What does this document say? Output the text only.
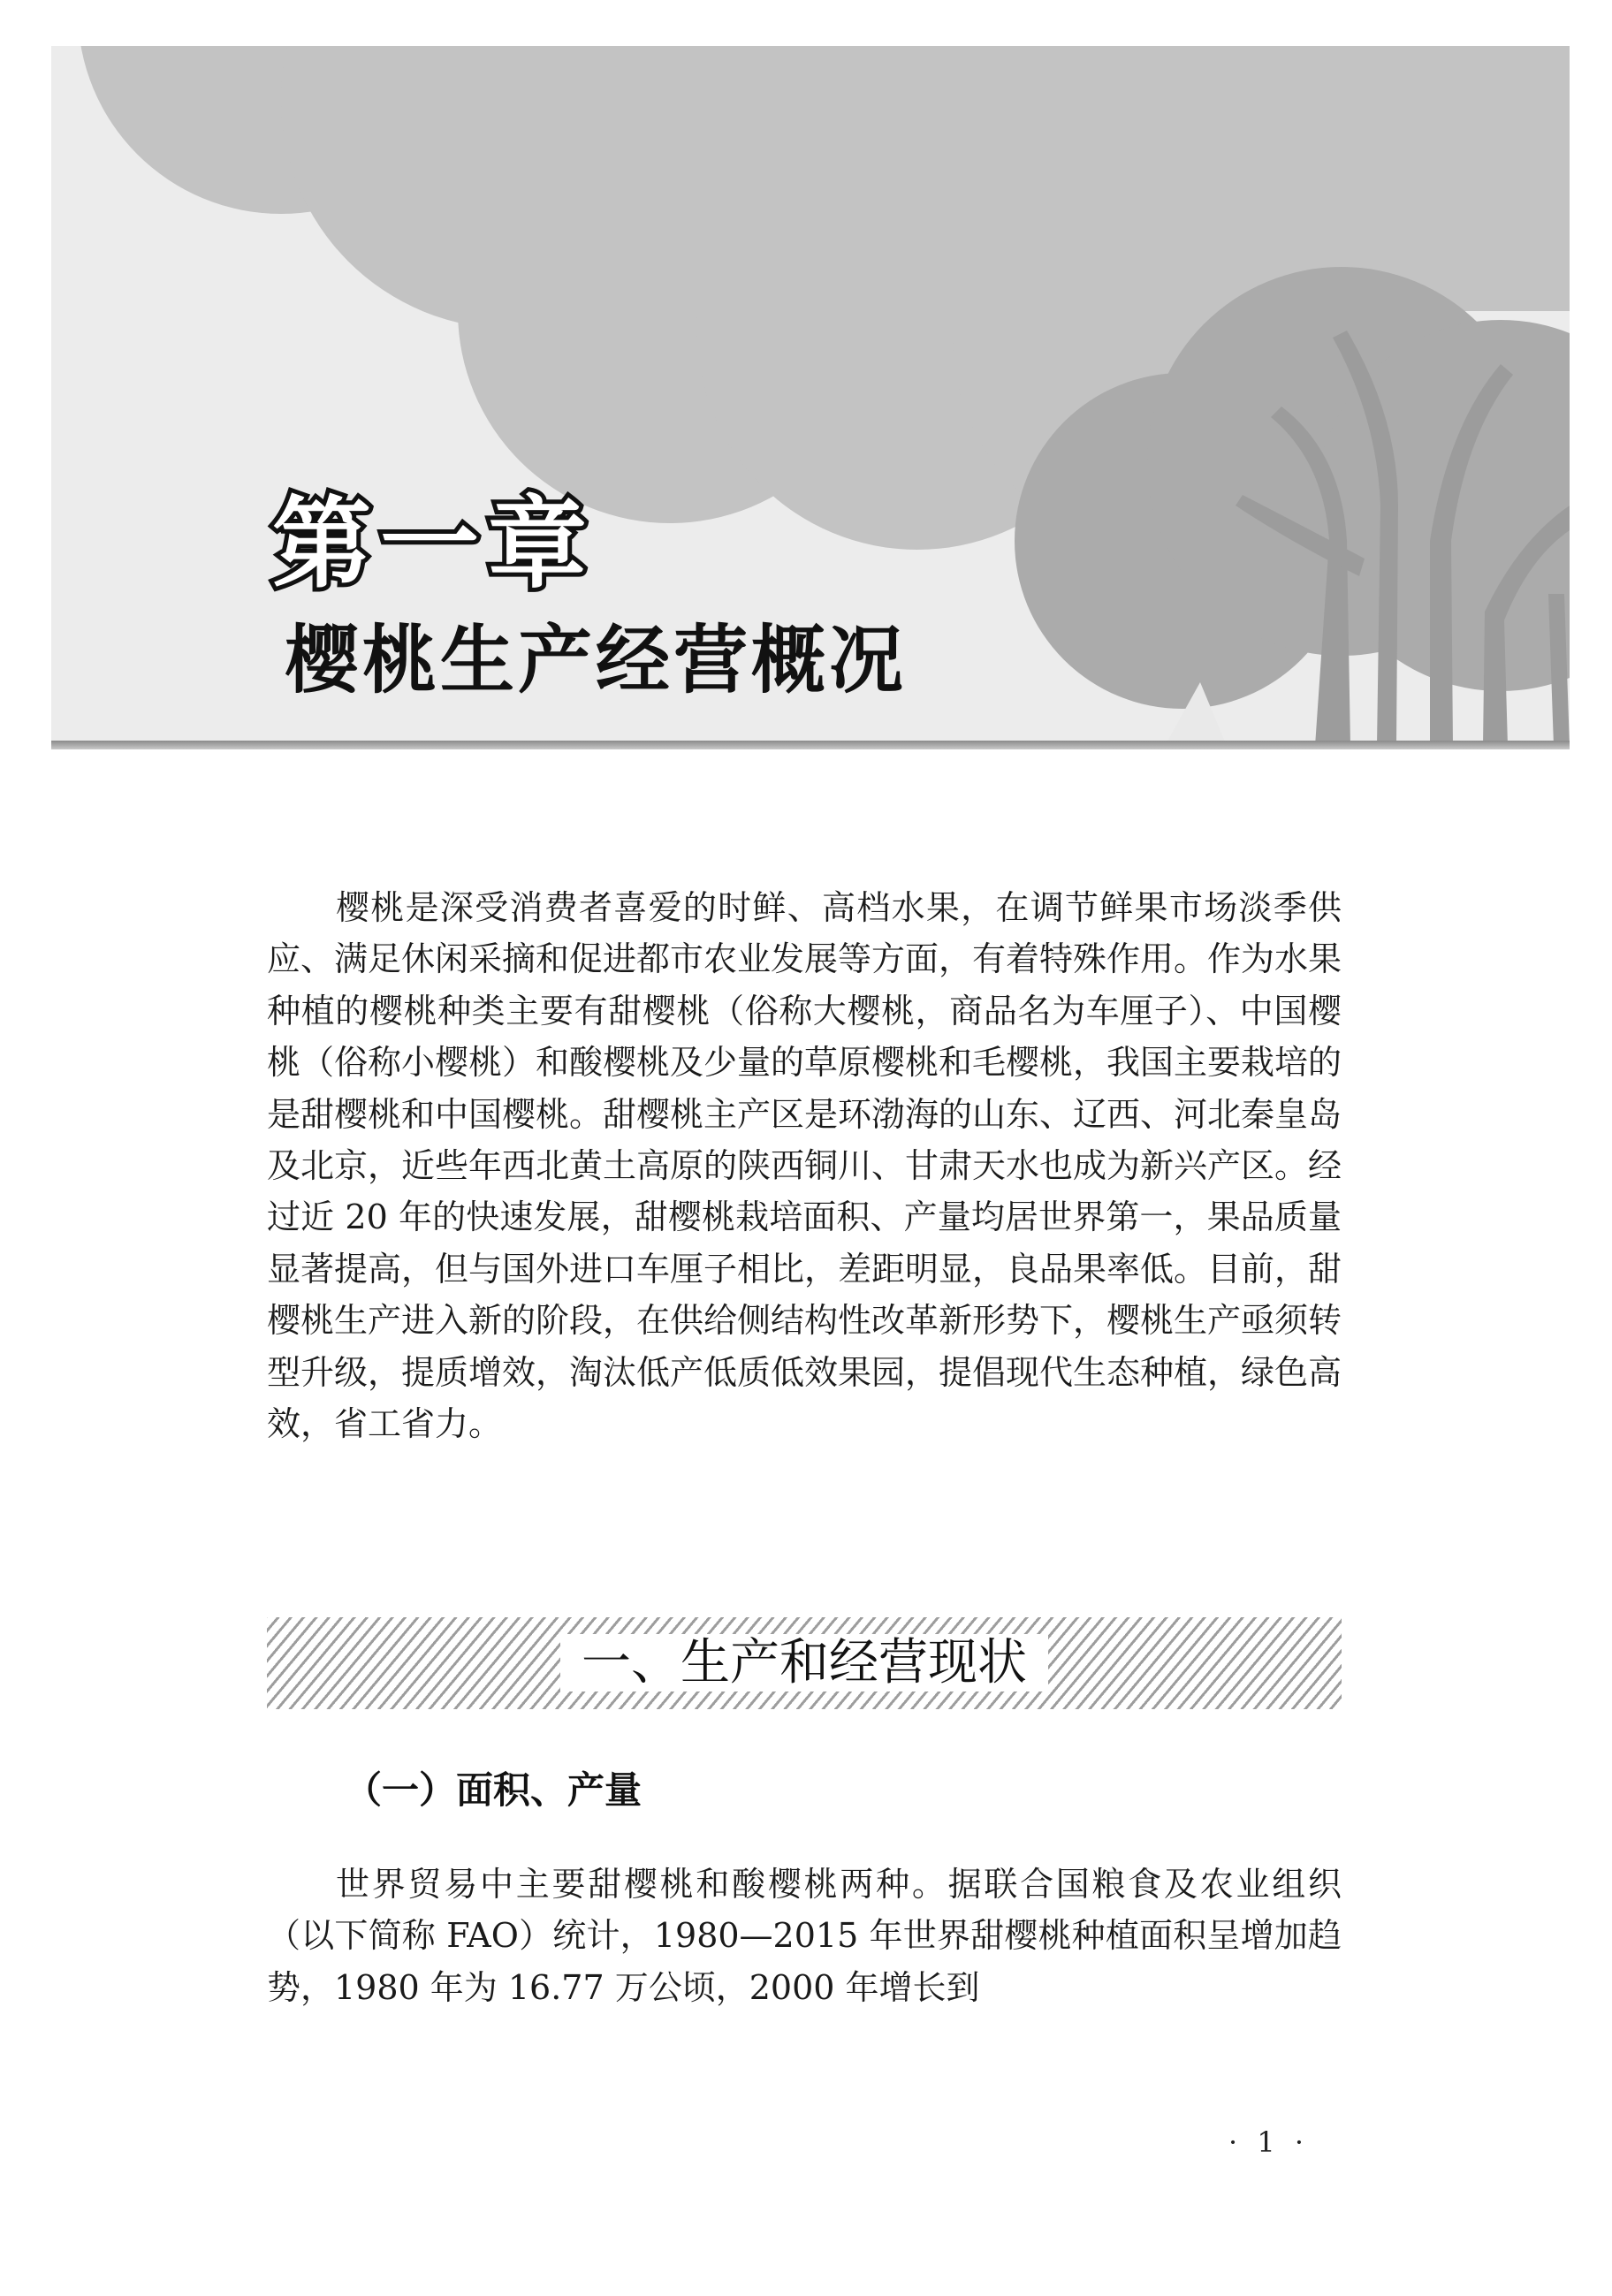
第一章
樱桃生产经营概况

樱桃是深受消费者喜爱的时鲜、高档水果，在调节鲜果市场淡季供应、满足休闲采摘和促进都市农业发展等方面，有着特殊作用。作为水果种植的樱桃种类主要有甜樱桃（俗称大樱桃，商品名为车厘子）、中国樱桃（俗称小樱桃）和酸樱桃及少量的草原樱桃和毛樱桃，我国主要栽培的是甜樱桃和中国樱桃。甜樱桃主产区是环渤海的山东、辽西、河北秦皇岛及北京，近些年西北黄土高原的陕西铜川、甘肃天水也成为新兴产区。经过近 20 年的快速发展，甜樱桃栽培面积、产量均居世界第一，果品质量显著提高，但与国外进口车厘子相比，差距明显，良品果率低。目前，甜樱桃生产进入新的阶段，在供给侧结构性改革新形势下，樱桃生产亟须转型升级，提质增效，淘汰低产低质低效果园，提倡现代生态种植，绿色高效，省工省力。

一、生产和经营现状
（一）面积、产量

世界贸易中主要甜樱桃和酸樱桃两种。据联合国粮食及农业组织（以下简称 FAO）统计，1980—2015 年世界甜樱桃种植面积呈增加趋势，1980 年为 16.77 万公顷，2000 年增长到

· 1 ·
